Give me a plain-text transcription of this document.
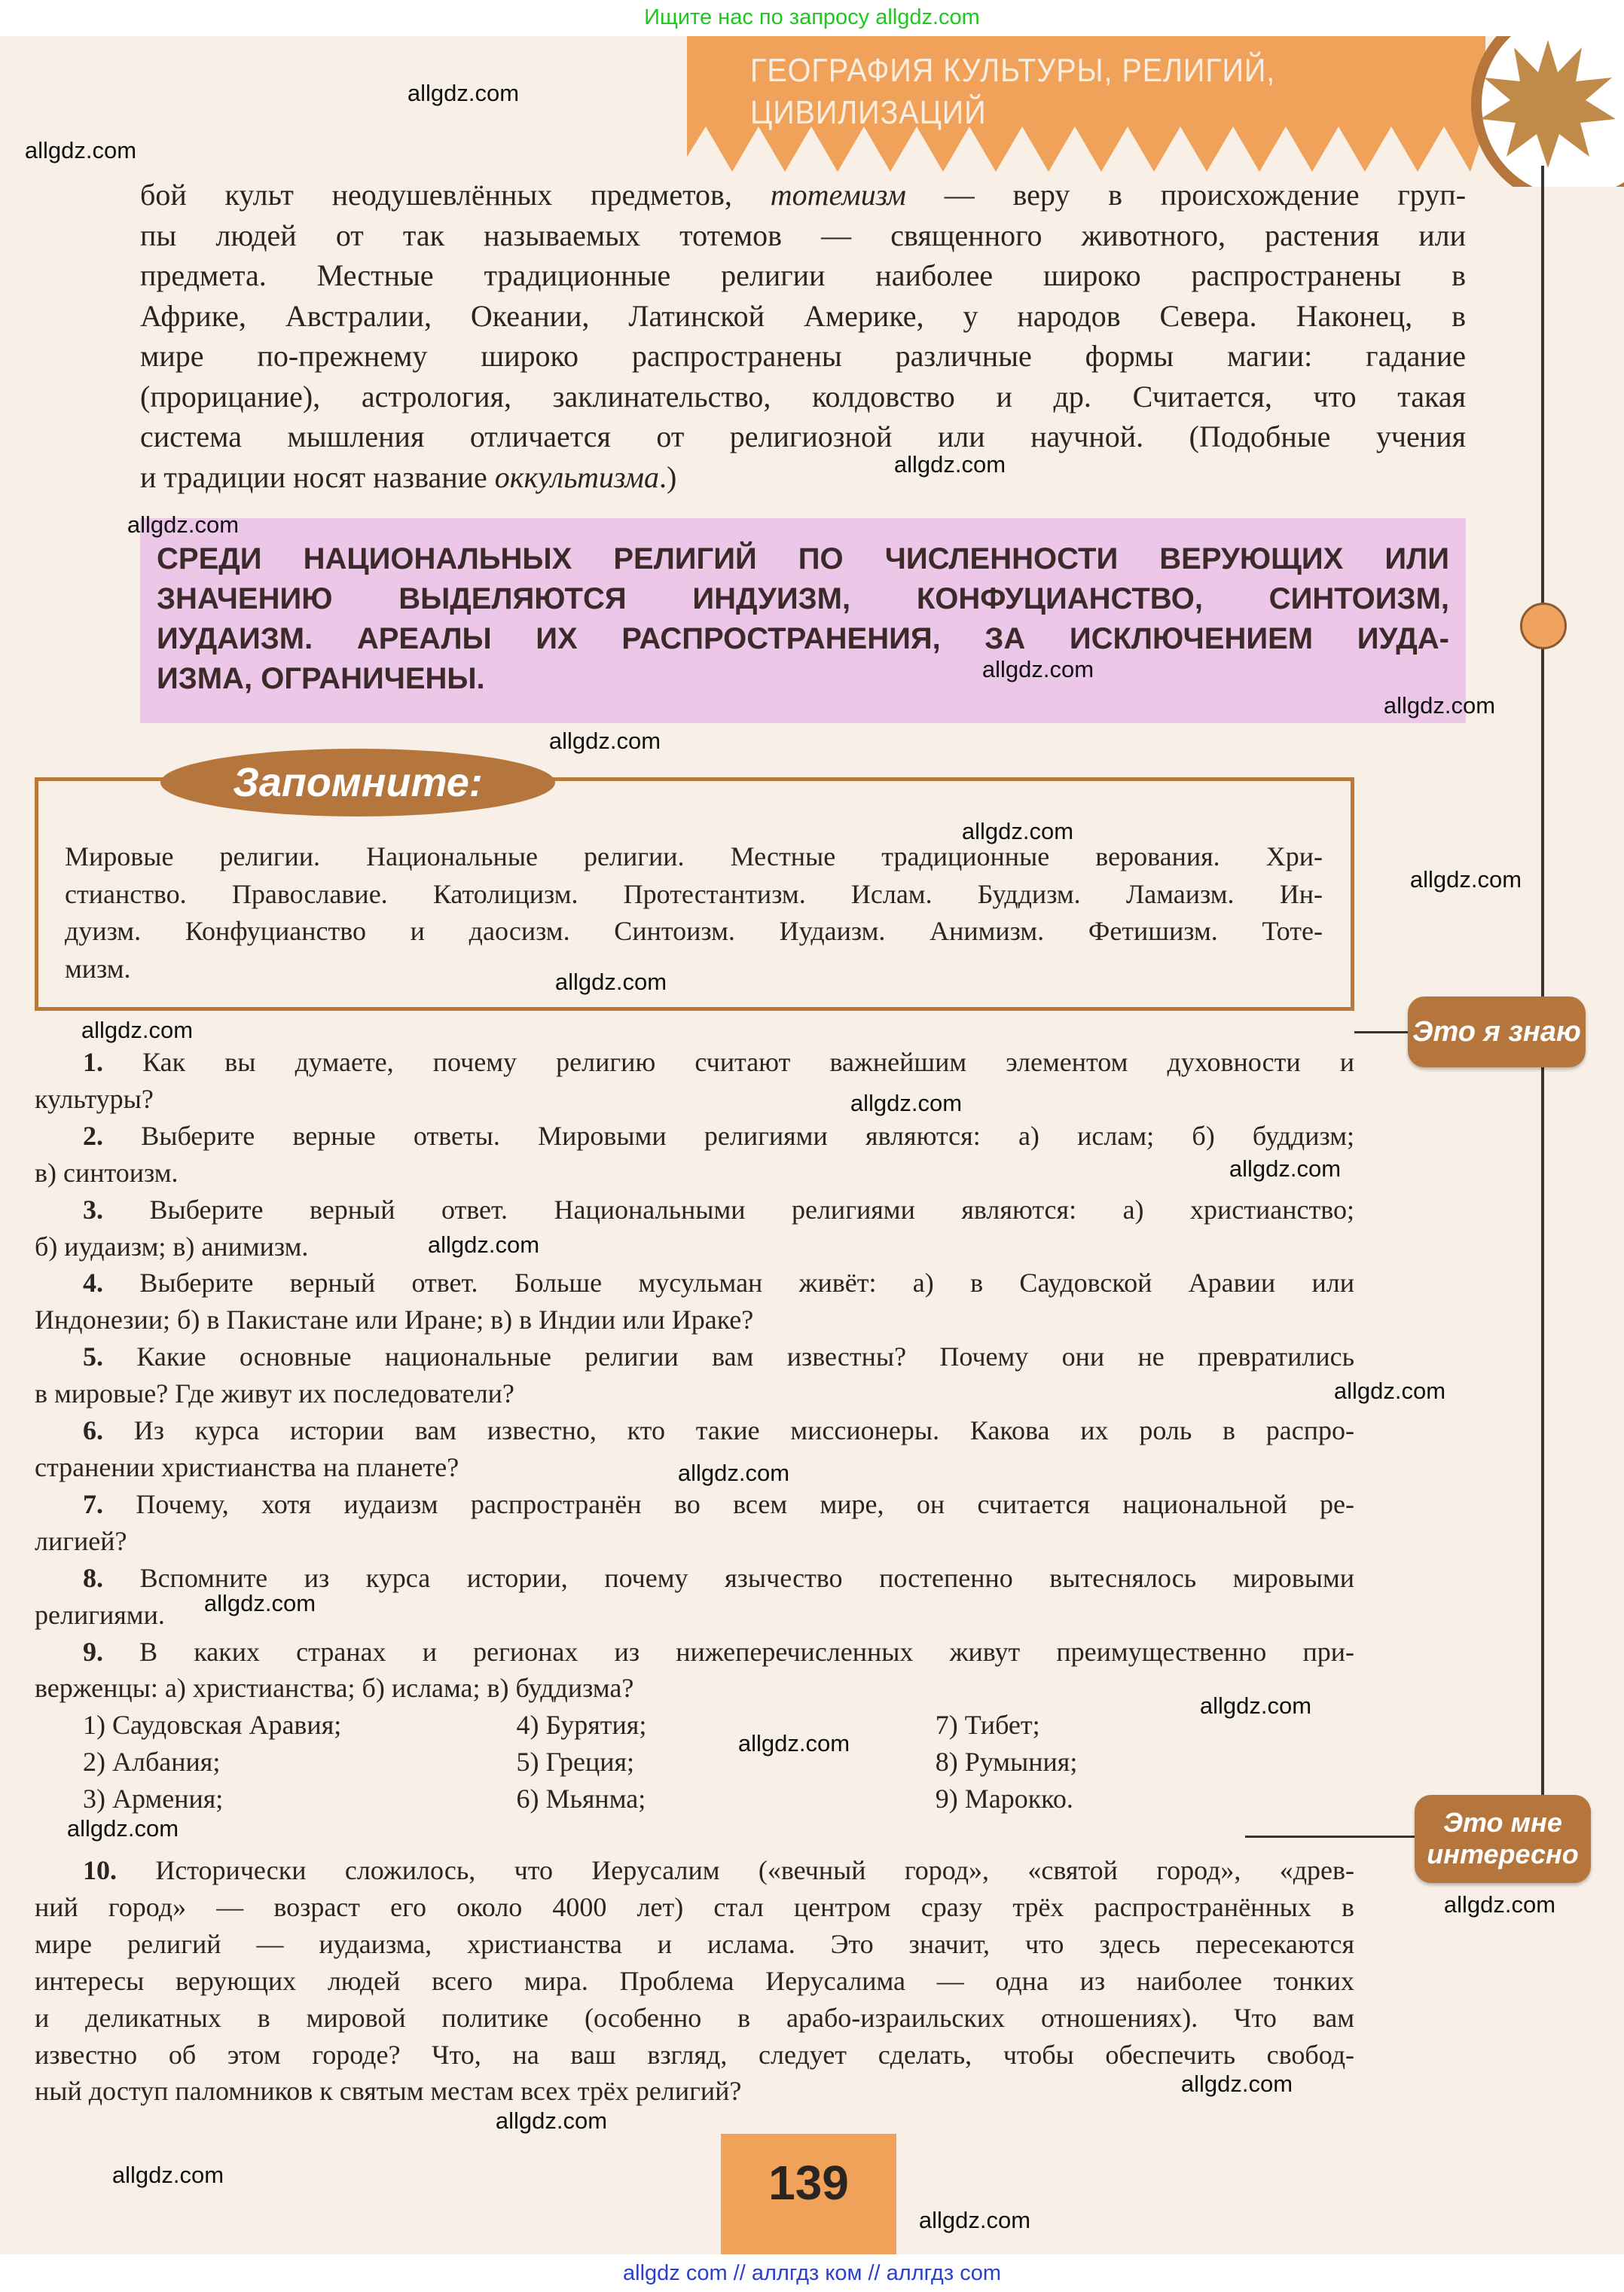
Ищите нас по запросу allgdz.com
ГЕОГРАФИЯ КУЛЬТУРЫ, РЕЛИГИЙ,
ЦИВИЛИЗАЦИЙ
бой культ неодушевлённых предметов, тотемизм — веру в происхождение груп-
пы людей от так называемых тотемов — священного животного, растения или
предмета. Местные традиционные религии наиболее широко распространены в
Африке, Австралии, Океании, Латинской Америке, у народов Севера. Наконец, в
мире по-прежнему широко распространены различные формы магии: гадание
(прорицание), астрология, заклинательство, колдовство и др. Считается, что такая
система мышления отличается от религиозной или научной. (Подобные учения
и традиции носят название оккультизма.)
СРЕДИ НАЦИОНАЛЬНЫХ РЕЛИГИЙ ПО ЧИСЛЕННОСТИ ВЕРУЮЩИХ ИЛИ
ЗНАЧЕНИЮ ВЫДЕЛЯЮТСЯ ИНДУИЗМ, КОНФУЦИАНСТВО, СИНТОИЗМ,
ИУДАИЗМ. АРЕАЛЫ ИХ РАСПРОСТРАНЕНИЯ, ЗА ИСКЛЮЧЕНИЕМ ИУДА-
ИЗМА, ОГРАНИЧЕНЫ.
Запомните:
Мировые религии. Национальные религии. Местные традиционные верования. Хри-
стианство. Православие. Католицизм. Протестантизм. Ислам. Буддизм. Ламаизм. Ин-
дуизм. Конфуцианство и даосизм. Синтоизм. Иудаизм. Анимизм. Фетишизм. Тоте-
мизм.
Это я знаю
1. Как вы думаете, почему религию считают важнейшим элементом духовности и
культуры?
2. Выберите верные ответы. Мировыми религиями являются: а) ислам; б) буддизм;
в) синтоизм.
3. Выберите верный ответ. Национальными религиями являются: а) христианство;
б) иудаизм; в) анимизм.
4. Выберите верный ответ. Больше мусульман живёт: а) в Саудовской Аравии или
Индонезии; б) в Пакистане или Иране; в) в Индии или Ираке?
5. Какие основные национальные религии вам известны? Почему они не превратились
в мировые? Где живут их последователи?
6. Из курса истории вам известно, кто такие миссионеры. Какова их роль в распро-
странении христианства на планете?
7. Почему, хотя иудаизм распространён во всем мире, он считается национальной ре-
лигией?
8. Вспомните из курса истории, почему язычество постепенно вытеснялось мировыми
религиями.
9. В каких странах и регионах из нижеперечисленных живут преимущественно при-
верженцы: а) христианства; б) ислама; в) буддизма?
1) Саудовская Аравия;
2) Албания;
3) Армения;
4) Бурятия;
5) Греция;
6) Мьянма;
7) Тибет;
8) Румыния;
9) Марокко.
10. Исторически сложилось, что Иерусалим («вечный город», «святой город», «древ-
ний город» — возраст его около 4000 лет) стал центром сразу трёх распространённых в
мире религий — иудаизма, христианства и ислама. Это значит, что здесь пересекаются
интересы верующих людей всего мира. Проблема Иерусалима — одна из наиболее тонких
и деликатных в мировой политике (особенно в арабо-израильских отношениях). Что вам
известно об этом городе? Что, на ваш взгляд, следует сделать, чтобы обеспечить свобод-
ный доступ паломников к святым местам всех трёх религий?
Это мне
интересно
139
allgdz com // аллгдз ком // аллгдз com
allgdz.com
allgdz.com
allgdz.com
allgdz.com
allgdz.com
allgdz.com
allgdz.com
allgdz.com
allgdz.com
allgdz.com
allgdz.com
allgdz.com
allgdz.com
allgdz.com
allgdz.com
allgdz.com
allgdz.com
allgdz.com
allgdz.com
allgdz.com
allgdz.com
allgdz.com
allgdz.com
allgdz.com
allgdz.com
